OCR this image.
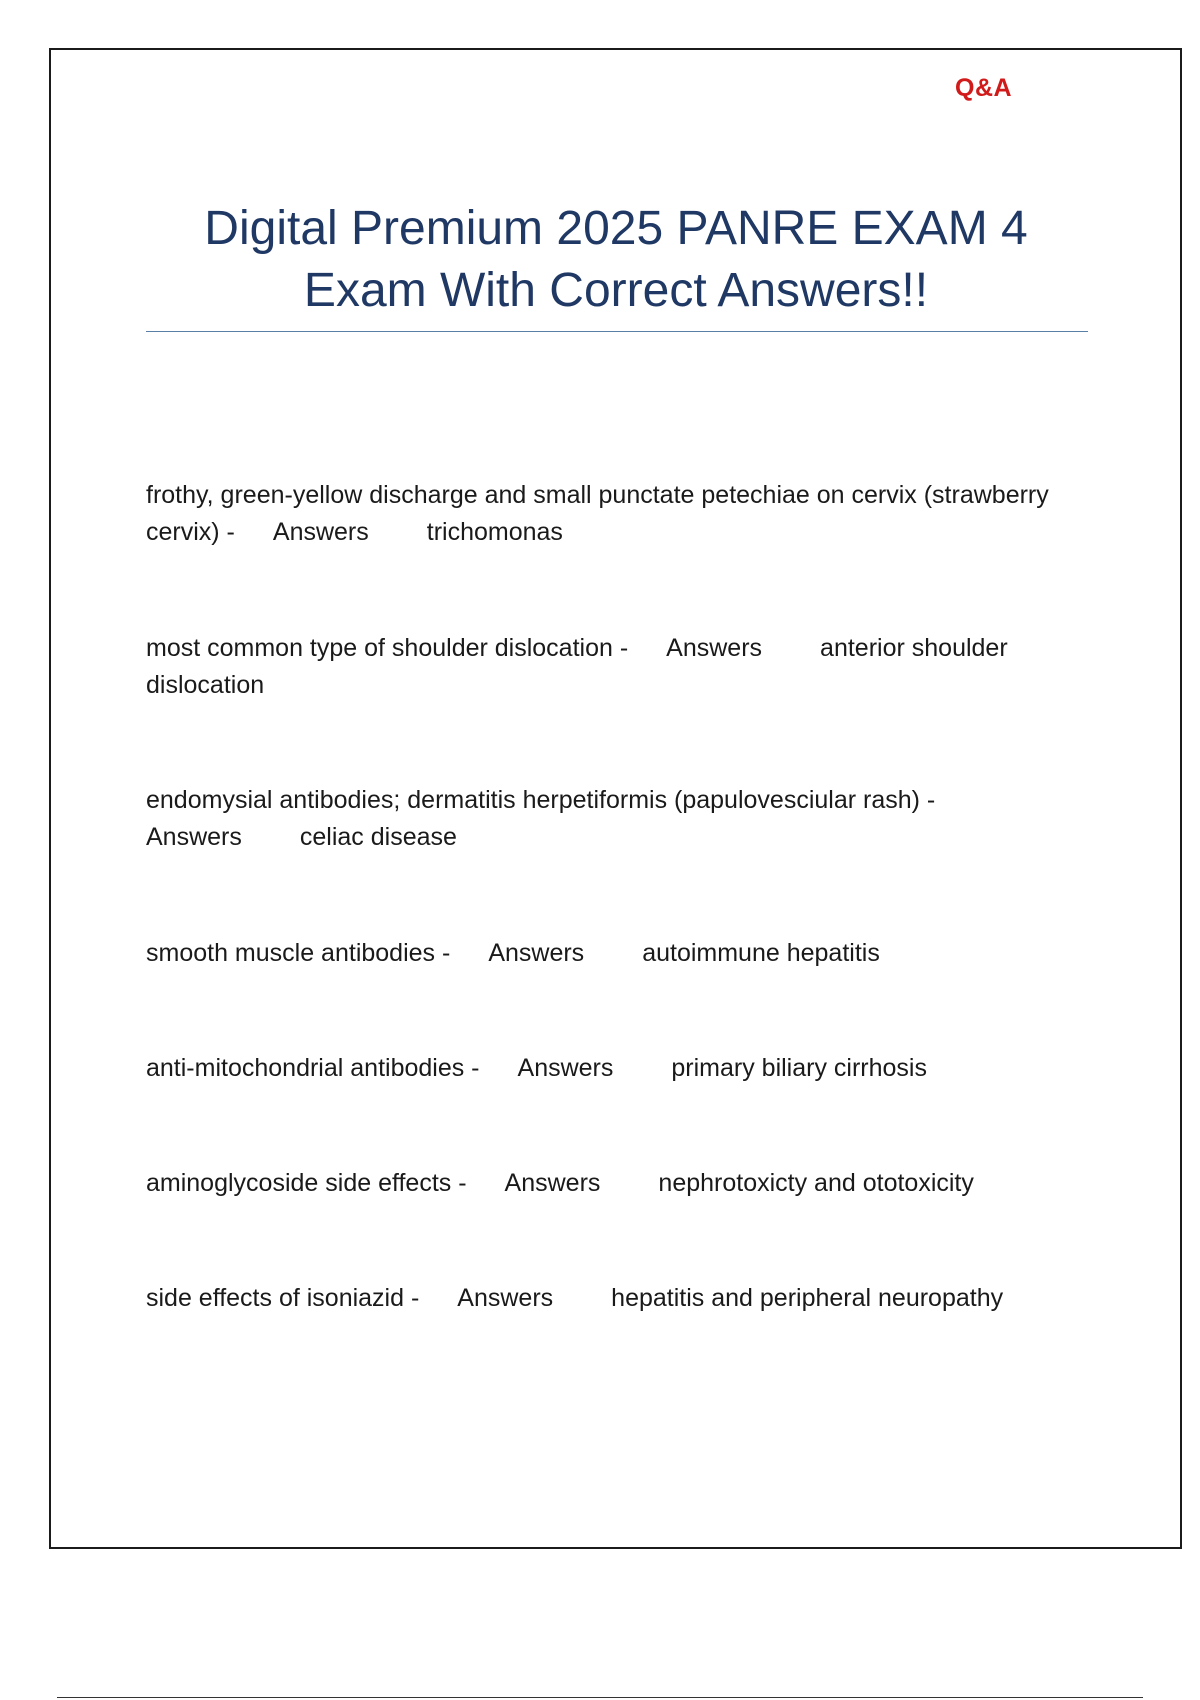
Q&A
Digital Premium 2025 PANRE EXAM 4
Exam With Correct Answers!!
frothy, green-yellow discharge and small punctate petechiae on cervix (strawberry cervix) - Answers trichomonas
most common type of shoulder dislocation - Answers anterior shoulder dislocation
endomysial antibodies; dermatitis herpetiformis (papulovesciular rash) - Answers celiac disease
smooth muscle antibodies - Answers autoimmune hepatitis
anti-mitochondrial antibodies - Answers primary biliary cirrhosis
aminoglycoside side effects - Answers nephrotoxicty and ototoxicity
side effects of isoniazid - Answers hepatitis and peripheral neuropathy
